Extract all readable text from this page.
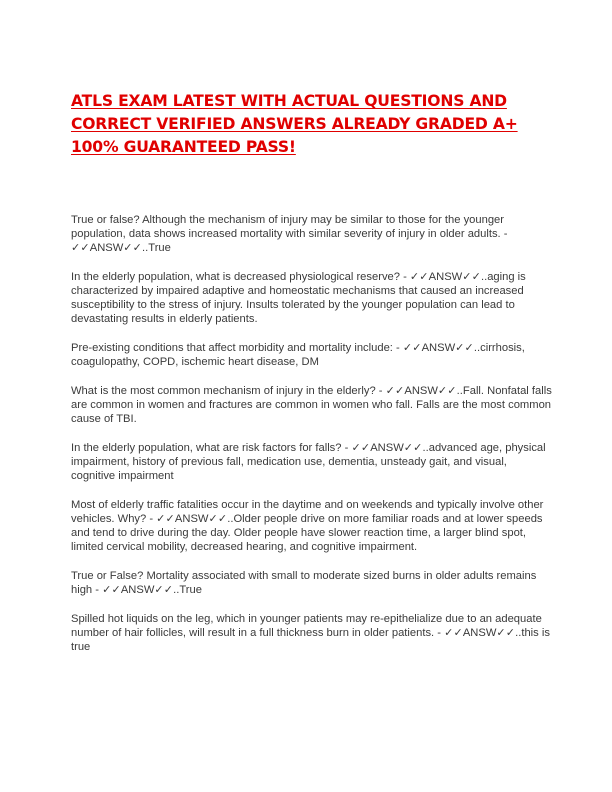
ATLS EXAM LATEST WITH ACTUAL QUESTIONS AND CORRECT VERIFIED ANSWERS ALREADY GRADED A+ 100% GUARANTEED PASS!

True or false? Although the mechanism of injury may be similar to those for the younger population, data shows increased mortality with similar severity of injury in older adults. - ✓✓ANSW✓✓..True

In the elderly population, what is decreased physiological reserve? - ✓✓ANSW✓✓..aging is characterized by impaired adaptive and homeostatic mechanisms that caused an increased susceptibility to the stress of injury. Insults tolerated by the younger population can lead to devastating results in elderly patients.

Pre-existing conditions that affect morbidity and mortality include: - ✓✓ANSW✓✓..cirrhosis, coagulopathy, COPD, ischemic heart disease, DM

What is the most common mechanism of injury in the elderly? - ✓✓ANSW✓✓..Fall. Nonfatal falls are common in women and fractures are common in women who fall. Falls are the most common cause of TBI.

In the elderly population, what are risk factors for falls? - ✓✓ANSW✓✓..advanced age, physical impairment, history of previous fall, medication use, dementia, unsteady gait, and visual, cognitive impairment

Most of elderly traffic fatalities occur in the daytime and on weekends and typically involve other vehicles. Why? - ✓✓ANSW✓✓..Older people drive on more familiar roads and at lower speeds and tend to drive during the day. Older people have slower reaction time, a larger blind spot, limited cervical mobility, decreased hearing, and cognitive impairment.

True or False? Mortality associated with small to moderate sized burns in older adults remains high - ✓✓ANSW✓✓..True

Spilled hot liquids on the leg, which in younger patients may re-epithelialize due to an adequate number of hair follicles, will result in a full thickness burn in older patients. - ✓✓ANSW✓✓..this is true
